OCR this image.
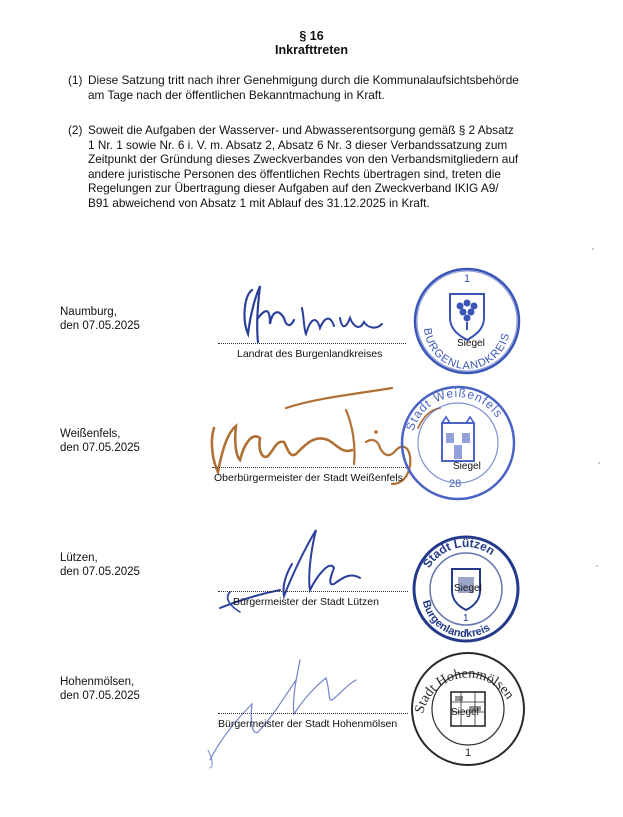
§ 16
Inkrafttreten
(1) Diese Satzung tritt nach ihrer Genehmigung durch die Kommunalaufsichtsbehörde
am Tage nach der öffentlichen Bekanntmachung in Kraft.
(2) Soweit die Aufgaben der Wasserver- und Abwasserentsorgung gemäß § 2 Absatz
1 Nr. 1 sowie Nr. 6 i. V. m. Absatz 2, Absatz 6 Nr. 3 dieser Verbandssatzung zum
Zeitpunkt der Gründung dieses Zweckverbandes von den Verbandsmitgliedern auf
andere juristische Personen des öffentlichen Rechts übertragen sind, treten die
Regelungen zur Übertragung dieser Aufgaben auf den Zweckverband IKIG A9/
B91 abweichend von Absatz 1 mit Ablauf des 31.12.2025 in Kraft.
Naumburg,
den 07.05.2025
Landrat des Burgenlandkreises
1
BURGENLANDKREIS
Siegel
Weißenfels,
den 07.05.2025
Oberbürgermeister der Stadt Weißenfels	28
Stadt Weißenfels
Siegel
Lützen,
den 07.05.2025
Bürgermeister der Stadt Lützen
1
Stadt Lützen
Burgenlandkreis
Siegel
Hohenmölsen,
den 07.05.2025
Bürgermeister der Stadt Hohenmölsen
1
Stadt Hohenmölsen
Siegel
